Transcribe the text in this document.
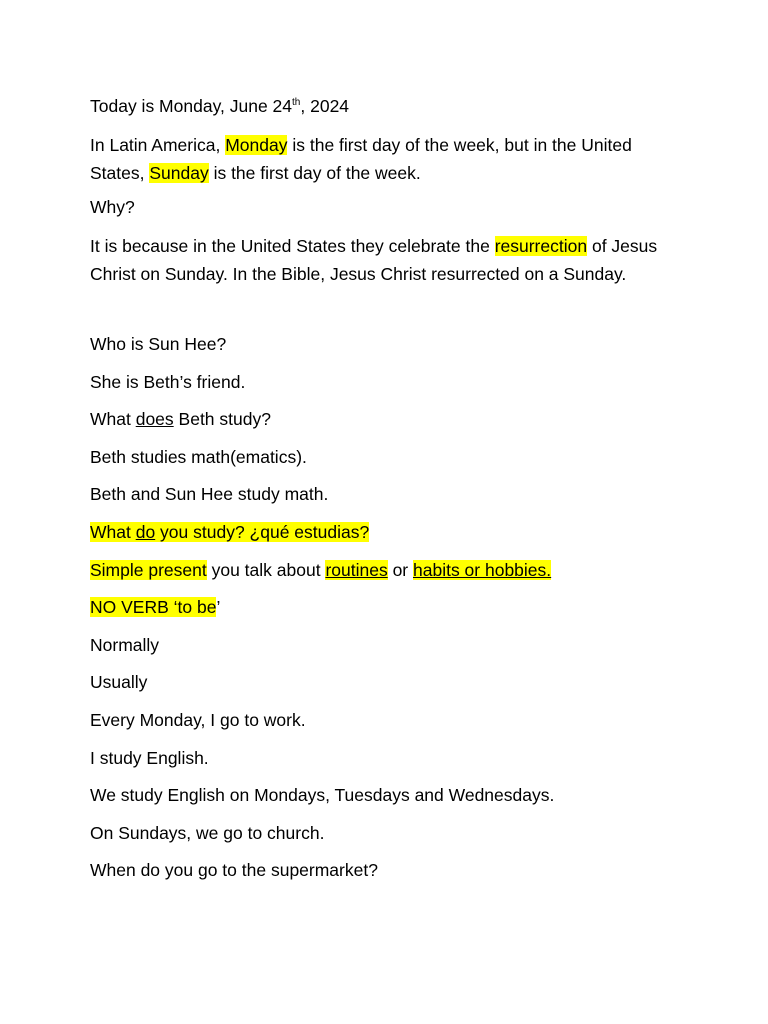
Today is Monday, June 24th, 2024

In Latin America, Monday is the first day of the week, but in the United States, Sunday is the first day of the week.

Why?

It is because in the United States they celebrate the resurrection of Jesus Christ on Sunday. In the Bible, Jesus Christ resurrected on a Sunday.

Who is Sun Hee?

She is Beth’s friend.

What does Beth study?

Beth studies math(ematics).

Beth and Sun Hee study math.

What do you study? ¿qué estudias?

Simple present you talk about routines or habits or hobbies.

NO VERB ‘to be’

Normally

Usually

Every Monday, I go to work.

I study English.

We study English on Mondays, Tuesdays and Wednesdays.

On Sundays, we go to church.

When do you go to the supermarket?
